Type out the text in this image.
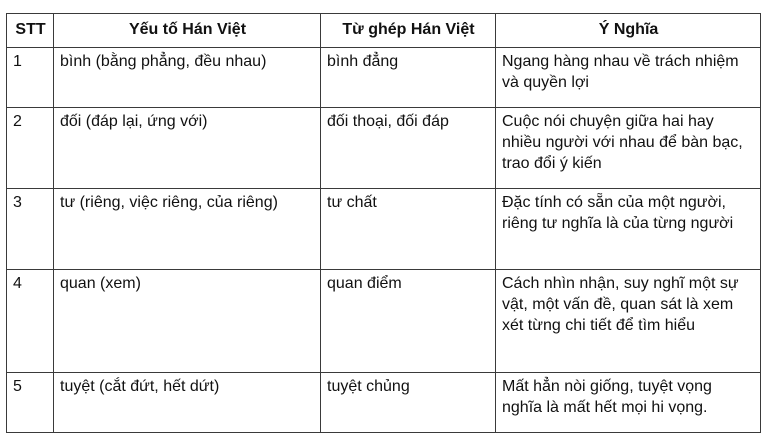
STT	Yếu tố Hán Việt	Từ ghép Hán Việt	Ý Nghĩa
1	bình (bằng phẳng, đều nhau)	bình đẳng	Ngang hàng nhau về trách nhiệm và quyền lợi
2	đối (đáp lại, ứng với)	đối thoại, đối đáp	Cuộc nói chuyện giữa hai hay nhiều người với nhau để bàn bạc, trao đổi ý kiến
3	tư (riêng, việc riêng, của riêng)	tư chất	Đặc tính có sẵn của một người, riêng tư nghĩa là của từng người
4	quan (xem)	quan điểm	Cách nhìn nhận, suy nghĩ một sự vật, một vấn đề, quan sát là xem xét từng chi tiết để tìm hiểu
5	tuyệt (cắt đứt, hết dứt)	tuyệt chủng	Mất hẳn nòi giống, tuyệt vọng nghĩa là mất hết mọi hi vọng.
